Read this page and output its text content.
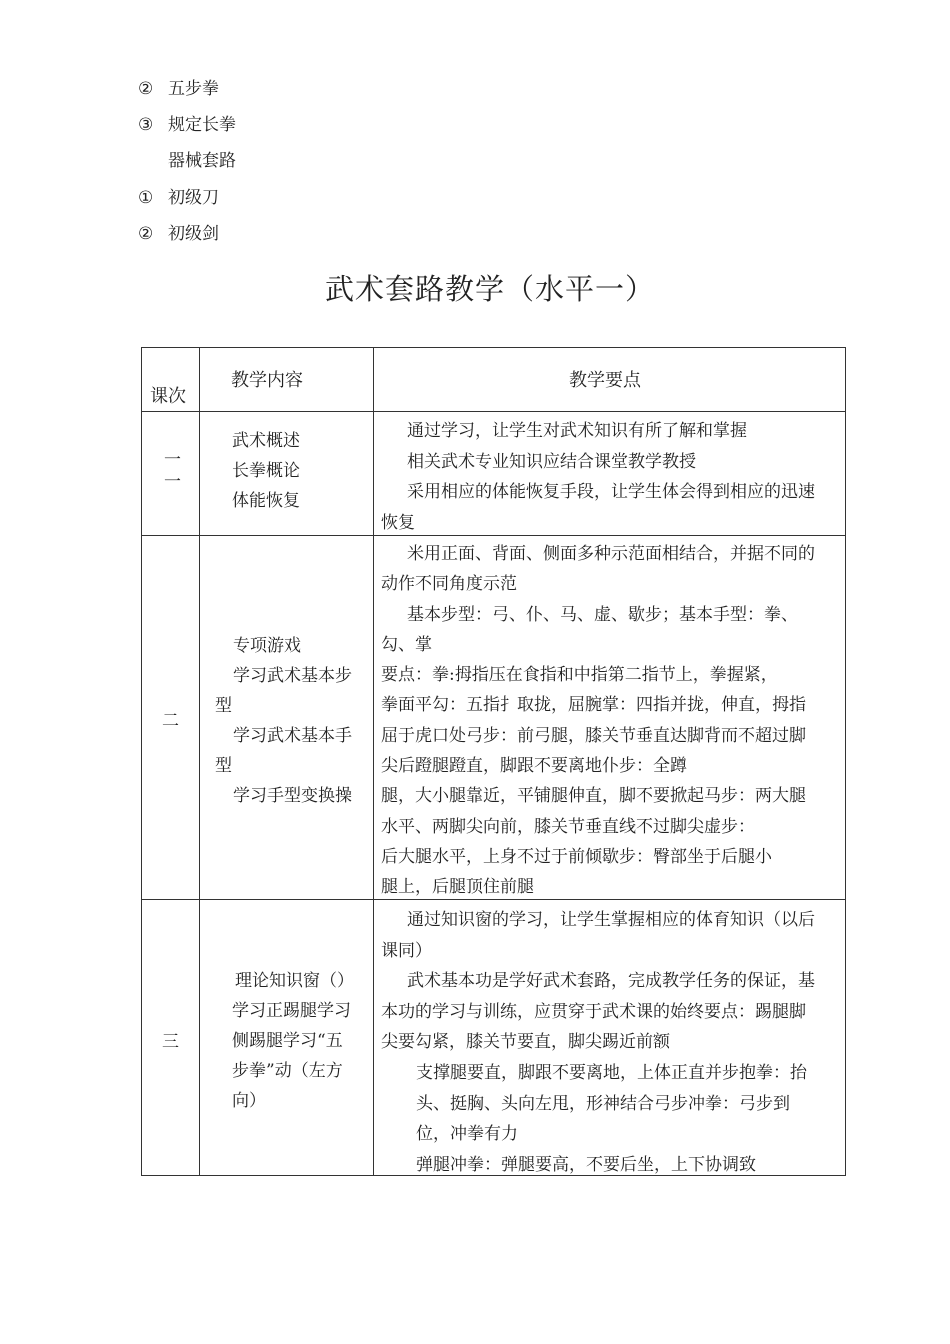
② 五步拳
③ 规定长拳
器械套路
① 初级刀
② 初级剑
武术套路教学（水平一）
课次
教学内容	教学要点
一
一
武术概述
长拳概论
体能恢复
通过学习，让学生对武术知识有所了解和掌握
相关武术专业知识应结合课堂教学教授
采用相应的体能恢复手段，让学生体会得到相应的迅速
恢复
二
专项游戏
学习武术基本步
型
学习武术基本手
型
学习手型变换操
米用正面、背面、侧面多种示范面相结合，并据不同的
动作不同角度示范
基本步型：弓、仆、马、虚、歇步；基本手型：拳、
勾、掌
要点：拳:拇指压在食指和中指第二指节上，拳握紧，
拳面平勾：五指扌取拢，屈腕掌：四指并拢，伸直，拇指
屈于虎口处弓步：前弓腿，膝关节垂直达脚背而不超过脚
尖后蹬腿蹬直，脚跟不要离地仆步：全蹲
腿，大小腿靠近，平铺腿伸直，脚不要掀起马步：两大腿
水平、两脚尖向前，膝关节垂直线不过脚尖虚步：
后大腿水平，上身不过于前倾歇步：臀部坐于后腿小
腿上，后腿顶住前腿
三
理论知识窗（）
学习正踢腿学习
侧踢腿学习“五
步拳”动（左方
向）
通过知识窗的学习，让学生掌握相应的体育知识（以后
课同）
武术基本功是学好武术套路，完成教学任务的保证，基
本功的学习与训练，应贯穿于武术课的始终要点：踢腿脚
尖要勾紧，膝关节要直，脚尖踢近前额
支撑腿要直，脚跟不要离地，上体正直并步抱拳：抬
头、挺胸、头向左甩，形神结合弓步冲拳：弓步到
位，冲拳有力
弹腿冲拳：弹腿要高，不要后坐，上下协调致
